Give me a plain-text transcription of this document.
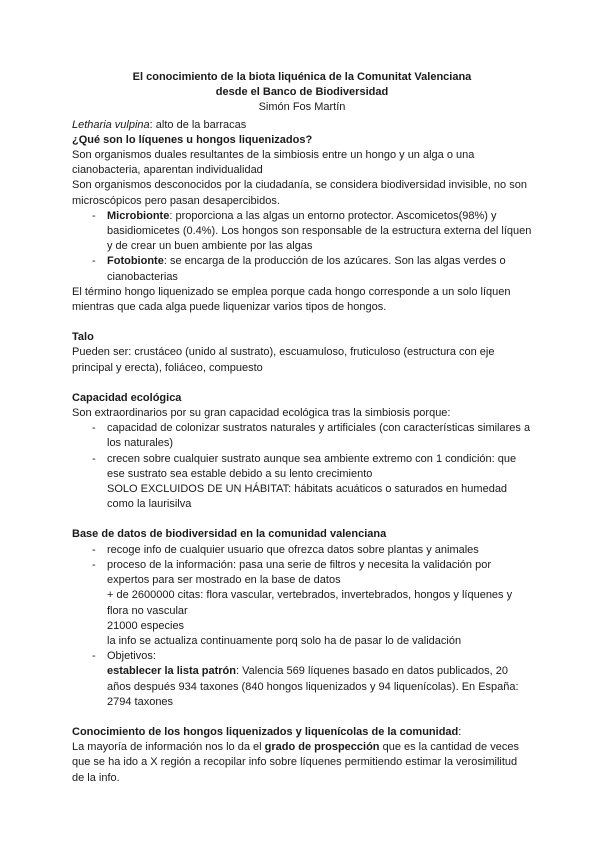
El conocimiento de la biota liquénica de la Comunitat Valenciana
desde el Banco de Biodiversidad
Simón Fos Martín

Letharia vulpina: alto de la barracas

¿Qué son lo líquenes u hongos liquenizados?

Son organismos duales resultantes de la simbiosis entre un hongo y un alga o una cianobacteria, aparentan individualidad

Son organismos desconocidos por la ciudadanía, se considera biodiversidad invisible, no son microscópicos pero pasan desapercibidos.

- Microbionte: proporciona a las algas un entorno protector. Ascomicetos(98%) y basidiomicetes (0.4%). Los hongos son responsable de la estructura externa del líquen y de crear un buen ambiente por las algas
- Fotobionte: se encarga de la producción de los azúcares. Son las algas verdes o cianobacterias

El término hongo liquenizado se emplea porque cada hongo corresponde a un solo líquen mientras que cada alga puede liquenizar varios tipos de hongos.

Talo

Pueden ser: crustáceo (unido al sustrato), escuamuloso, fruticuloso (estructura con eje principal y erecta), foliáceo, compuesto

Capacidad ecológica

Son extraordinarios por su gran capacidad ecológica tras la simbiosis porque:

- capacidad de colonizar sustratos naturales y artificiales (con características similares a los naturales)
- crecen sobre cualquier sustrato aunque sea ambiente extremo con 1 condición: que ese sustrato sea estable debido a su lento crecimiento
SOLO EXCLUIDOS DE UN HÁBITAT: hábitats acuáticos o saturados en humedad como la laurisilva

Base de datos de biodiversidad en la comunidad valenciana

- recoge info de cualquier usuario que ofrezca datos sobre plantas y animales
- proceso de la información: pasa una serie de filtros y necesita la validación por expertos para ser mostrado en la base de datos
+ de 2600000 citas: flora vascular, vertebrados, invertebrados, hongos y líquenes y flora no vascular
21000 especies
la info se actualiza continuamente porq solo ha de pasar lo de validación
- Objetivos:
establecer la lista patrón: Valencia 569 líquenes basado en datos publicados, 20 años después 934 taxones (840 hongos liquenizados y 94 liquenícolas). En España: 2794 taxones

Conocimiento de los hongos liquenizados y liquenícolas de la comunidad:

La mayoría de información nos lo da el grado de prospección que es la cantidad de veces que se ha ido a X región a recopilar info sobre líquenes permitiendo estimar la verosimilitud de la info.
